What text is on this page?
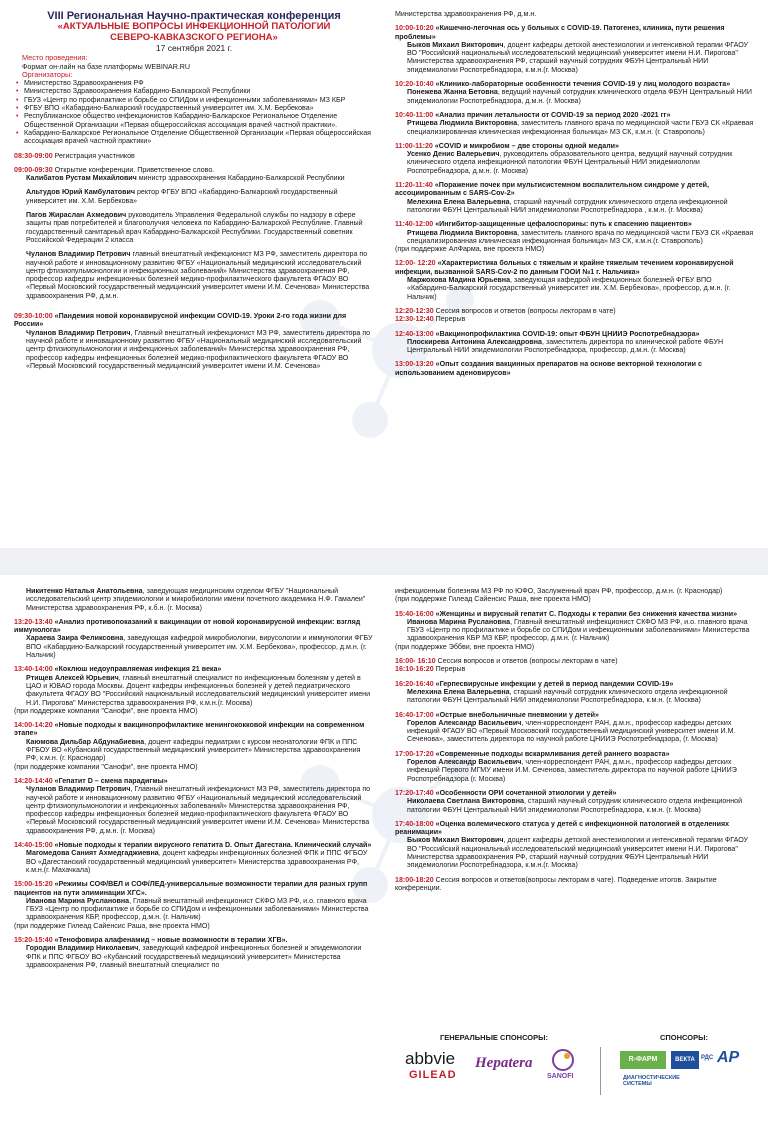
VIII Региональная Научно-практическая конференция
«АКТУАЛЬНЫЕ ВОПРОСЫ ИНФЕКЦИОННОЙ ПАТОЛОГИИ
СЕВЕРО-КАВКАЗСКОГО РЕГИОНА»
17 сентября 2021 г.
Место проведения:
Формат он-лайн на базе платформы WEBINAR.RU
Организаторы:
• Министерство Здравоохранения РФ
• Министерство Здравоохранения Кабардино-Балкарской Республики
• ГБУЗ «Центр по профилактике и борьбе со СПИДом и инфекционными заболеваниями» МЗ КБР
• ФГБУ ВПО «Кабардино-Балкарский государственный университет им. Х.М. Бербекова»
• Республиканское общество инфекционистов Кабардино-Балкарское Региональное Отделение Общественной Организации «Первая общероссийская ассоциация врачей частной практики».
• Кабардино-Балкарское Региональное Отделение Общественной Организации «Первая общероссийская ассоциация врачей частной практики»
08:30-09:00 Регистрация участников
09:00-09:30 Открытие конференции. Приветственное слово.
Калибатов Рустам Михайлович министр здравоохранения Кабардино-Балкарской Республики
Альтудов Юрий Камбулатович ректор ФГБУ ВПО «Кабардино-Балкарский государственный университет им. Х.М. Бербекова»
Пагов Жираслан Ахмедович руководитель Управления Федеральной службы по надзору в сфере защиты прав потребителей и благополучия человека по Кабардино-Балкарской Республике. Главный государственный санитарный врач Кабардино-Балкарской Республики. Государственный советник Российской Федерации 2 класса
Чуланов Владимир Петрович главный внештатный инфекционист МЗ РФ, заместитель директора по научной работе и инновационному развитию ФГБУ «Национальный медицинский исследовательский центр фтизиопульмонологии и инфекционных заболеваний» Министерства здравоохранения РФ, профессор кафедры инфекционных болезней медико-профилактического факультета ФГАОУ ВО «Первый Московский государственный медицинский университет имени И.М. Сеченова» Министерства здравоохранения РФ, д.м.н.
09:30-10:00 «Пандемия новой коронавирусной инфекции COVID-19. Уроки 2-го года жизни для России»
Чуланов Владимир Петрович, Главный внештатный инфекционист МЗ РФ, заместитель директора по научной работе и инновационному развитию ФГБУ «Национальный медицинский исследовательский центр фтизиопульмонологии и инфекционных заболеваний» Министерства здравоохранения РФ, профессор кафедры инфекционных болезней медико-профилактического факультета ФГАОУ ВО «Первый Московский государственный медицинский университет имени И.М. Сеченова»
Министерства здравоохранения РФ, д.м.н.
10:00-10:20 «Кишечно-легочная ось у больных с COVID-19. Патогенез, клиника, пути решения проблемы»
Быков Михаил Викторович, доцент кафедры детской анестезиологии и интенсивной терапии ФГАОУ ВО "Российский национальный исследовательский медицинский университет имени Н.И. Пирогова" Министерства здравоохранения РФ, старший научный сотрудник ФБУН Центральный НИИ эпидемиологии Роспотребнадзора, к.м.н.(г. Москва)
10:20-10:40 «Клинико-лабораторные особенности течения COVID-19 у лиц молодого возраста»
Понежева Жанна Бетовна, ведущий научный сотрудник клинического отдела ФБУН Центральный НИИ эпидемиологии Роспотребнадзора, д.м.н. (г. Москва)
10:40-11:00 «Анализ причин летальности от COVID-19 за период 2020 -2021 гг»
Ртищева Людмила Викторовна, заместитель главного врача по медицинской части ГБУЗ СК «Краевая специализированная клиническая инфекционная больница» МЗ СК, к.м.н. (г. Ставрополь)
11:00-11:20 «COVID и микробиом – две стороны одной медали»
Усенко Денис Валерьевич, руководитель образовательного центра, ведущий научный сотрудник клинического отдела инфекционной патологии ФБУН Центральный НИИ эпидемиологии Роспотребнадзора, д.м.н. (г. Москва)
11:20-11:40 «Поражение почек при мультисистемном воспалительном синдроме у детей, ассоциированным с SARS-Cov-2»
Мелехина Елена Валерьевна, старший научный сотрудник клинического отдела инфекционной патологии ФБУН Центральный НИИ эпидемиологии Роспотребнадзора , к.м.н. (г. Москва)
11:40-12:00 «Ингибитор-защищенные цефалоспорины: путь к спасению пациентов»
Ртищева Людмила Викторовна, заместитель главного врача по медицинской части ГБУЗ СК «Краевая специализированная клиническая инфекционная больница» МЗ СК, к.м.н.(г. Ставрополь)
(при поддержке АлФарма, вне проекта НМО)
12:00- 12:20 «Характеристика больных с тяжелым и крайне тяжелым течением коронавирусной инфекции, вызванной SARS-Cov-2 по данным ГООИ №1 г. Нальчика»
Маржохова Мадина Юрьевна, заведующая кафедрой инфекционных болезней ФГБУ ВПО «Кабардино-Балкарский государственный университет им. Х.М. Бербекова», профессор, д.м.н. (г. Нальчик)
12:20-12:30 Сессия вопросов и ответов (вопросы лекторам в чате)
12:30-12:40 Перерыв
12:40-13:00 «Вакцинопрофилактика COVID-19: опыт ФБУН ЦНИИЭ Роспотребнадзора»
Плоскирева Антонина Александровна, заместитель директора по клинической работе ФБУН Центральный НИИ эпидемиологии Роспотребнадзора, профессор, д.м.н. (г. Москва)
13:00-13:20 «Опыт создания вакцинных препаратов на основе векторной технологии с использованием аденовирусов»
Никитенко Наталья Анатольевна, заведующая медицинским отделом ФГБУ "Национальный исследовательский центр эпидемиологии и микробиологии имени почетного академика Н.Ф. Гамалеи" Министерства здравоохранения РФ, к.б.н. (г. Москва)
13:20-13:40 «Анализ противопоказаний к вакцинации от новой коронавирусной инфекции: взгляд иммунолога»
Хараева Заира Феликсовна, заведующая кафедрой микробиологии, вирусологии и иммунологии ФГБУ ВПО «Кабардино-Балкарский государственный университет им. Х.М. Бербекова», профессор, д.м.н. (г. Нальчик)
13:40-14:00 «Коклюш недоуправляемая инфекция 21 века»
Ртищев Алексей Юрьевич, главный внештатный специалист по инфекционным болезням у детей в ЦАО и ЮВАО города Москвы. Доцент кафедры инфекционных болезней у детей педиатрического факультета ФГАОУ ВО "Российский национальный исследовательский медицинский университет имени Н.И. Пирогова" Министерства здравоохранения РФ, к.м.н.(г. Москва)
(при поддержке компании "Санофи", вне проекта НМО)
14:00-14:20 «Новые подходы к вакцинопрофилактике менингококковой инфекции на современном этапе»
Каюмова Дильбар Абдунабиевна, доцент кафедры педиатрии с курсом неонатологии ФПК и ППС ФГБОУ ВО «Кубанский государственный медицинский университет» Министерства здравоохранения РФ, к.м.н. (г. Краснодар)
(при поддержке компании "Санофи", вне проекта НМО)
14:20-14:40 «Гепатит D – смена парадигмы»
Чуланов Владимир Петрович, Главный внештатный инфекционист МЗ РФ, заместитель директора по научной работе и инновационному развитию ФГБУ «Национальный медицинский исследовательский центр фтизиопульмонологии и инфекционных заболеваний» Министерства здравоохранения РФ, профессор кафедры инфекционных болезней медико-профилактического факультета ФГАОУ ВО «Первый Московский государственный медицинский университет имени И.М. Сеченова» Министерства здравоохранения РФ, д.м.н. (г. Москва)
14:40-15:00 «Новые подходы к терапии вирусного гепатита D. Опыт Дагестана. Клинический случай»
Магомедова Саният Ахмедгаджиевна, доцент кафедры инфекционных болезней ФПК и ППС ФГБОУ ВО «Дагестанский государственный медицинский университет» Министерства здравоохранения РФ, к.м.н.(г. Махачкала)
15:00-15:20 «Режимы СОФ/ВЕЛ и СОФ/ЛЕД-универсальные возможности терапии для разных групп пациентов на пути элиминации ХГС».
Иванова Марина Руслановна, Главный внештатный инфекционист СКФО МЗ РФ, и.о. главного врача ГБУЗ «Центр по профилактике и борьбе со СПИДом и инфекционными заболеваниями» Министерства здравоохранения КБР, профессор, д.м.н. (г. Нальчик)
(при поддержке Гилеад Сайенсис Раша, вне проекта НМО)
15:20-15:40 «Тенофовира алафенамид – новые возможности в терапии ХГВ».
Городин Владимир Николаевич, заведующий кафедрой инфекционных болезней и эпидемиологии ФПК и ППС ФГБОУ ВО «Кубанский государственный медицинский университет» Министерства здравоохранения РФ, главный внештатный специалист по
инфекционным болезням МЗ РФ по ЮФО, Заслуженный врач РФ, профессор, д.м.н. (г. Краснодар)
(при поддержке Гилеад Сайенсис Раша, вне проекта НМО)
15:40-16:00 «Женщины и вирусный гепатит С. Подходы к терапии без снижения качества жизни»
Иванова Марина Руслановна, Главный внештатный инфекционист СКФО МЗ РФ, и.о. главного врача ГБУЗ «Центр по профилактике и борьбе со СПИДом и инфекционными заболеваниями» Министерства здравоохранения КБР МЗ КБР, профессор, д.м.н. (г. Нальчик)
(при поддержке Эббви, вне проекта НМО)
16:00- 16:10 Сессия вопросов и ответов (вопросы лекторам в чате)
16:10-16:20 Перерыв
16:20-16:40 «Герпесвирусные инфекции у детей в период пандемии COVID-19»
Мелехина Елена Валерьевна, старший научный сотрудник клинического отдела инфекционной патологии ФБУН Центральный НИИ эпидемиологии Роспотребнадзора, к.м.н. (г. Москва)
16:40-17:00 «Острые внебольничные пневмонии у детей»
Горелов Александр Васильевич, член-корреспондент РАН, д.м.н., профессор кафедры детских инфекций ФГАОУ ВО «Первый Московский государственный медицинский университет имени И.М. Сеченова», заместитель директора по научной работе ЦНИИЭ Роспотребнадзора, (г. Москва)
17:00-17:20 «Современные подходы вскармливания детей раннего возраста»
Горелов Александр Васильевич, член-корреспондент РАН, д.м.н., профессор кафедры детских инфекций Первого МГМУ имени И.М. Сеченова, заместитель директора по научной работе ЦНИИЭ Роспотребнадзора (г. Москва)
17:20-17:40 «Особенности ОРИ сочетанной этиологии у детей»
Николаева Светлана Викторовна, старший научный сотрудник клинического отдела инфекционной патологии ФБУН Центральный НИИ эпидемиологии Роспотребнадзора, к.м.н. (г. Москва)
17:40-18:00 «Оценка волемического статуса у детей с инфекционной патологией в отделениях реанимации»
Быков Михаил Викторович, доцент кафедры детской анестезиологии и интенсивной терапии ФГАОУ ВО "Российский национальный исследовательский медицинский университет имени Н.И. Пирогова" Министерства здравоохранения РФ, старший научный сотрудник ФБУН Центральный НИИ эпидемиологии Роспотребнадзора, к.м.н.(г. Москва)
18:00-18:20 Сессия вопросов и ответов(вопросы лекторам в чате). Подведение итогов. Закрытие конференции.
ГЕНЕРАЛЬНЫЕ СПОНСОРЫ:	СПОНСОРЫ:
abbvie
GILEAD
Hepatera
SANOFI
R-ФАРМ	ВЕКТА	РДС AP
ДИАГНОСТИЧЕСКИЕ СИСТЕМЫ
